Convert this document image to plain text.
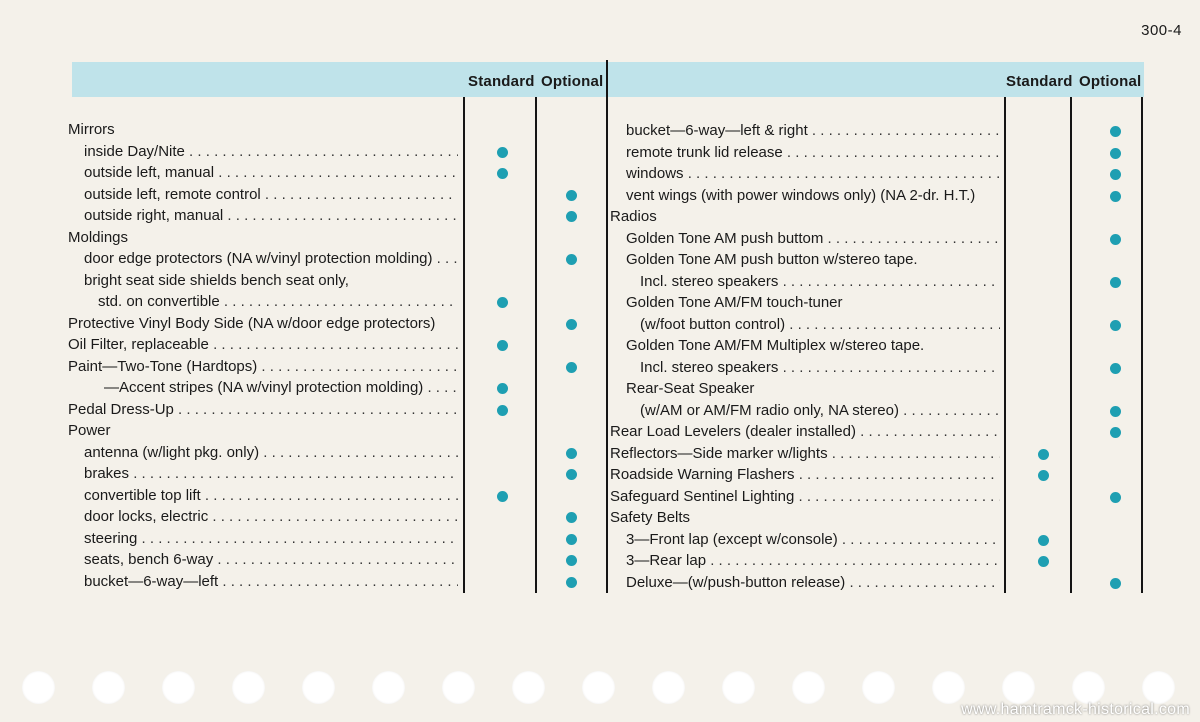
300-4
Standard Optional	Standard Optional
Mirrors
inside Day/Nite . . .
outside left, manual . . .
outside left, remote control . . .
outside right, manual . . .
Moldings
door edge protectors (NA w/vinyl protection molding) . . .
bright seat side shields bench seat only,
std. on convertible . . .
Protective Vinyl Body Side (NA w/door edge protectors)
Oil Filter, replaceable . . .
Paint—Two-Tone (Hardtops) . . .
—Accent stripes (NA w/vinyl protection molding) . . .
Pedal Dress-Up . . .
Power
antenna (w/light pkg. only) . . .
brakes . . .
convertible top lift . . .
door locks, electric . . .
steering . . .
seats, bench 6-way . . .
bucket—6-way—left . . .
bucket—6-way—left & right . . .
remote trunk lid release . . .
windows . . .
vent wings (with power windows only) (NA 2-dr. H.T.)
Radios
Golden Tone AM push buttom . . .
Golden Tone AM push button w/stereo tape.
Incl. stereo speakers . . .
Golden Tone AM/FM touch-tuner
(w/foot button control) . . .
Golden Tone AM/FM Multiplex w/stereo tape.
Incl. stereo speakers . . .
Rear-Seat Speaker
(w/AM or AM/FM radio only, NA stereo) . . .
Rear Load Levelers (dealer installed) . . .
Reflectors—Side marker w/lights . . .
Roadside Warning Flashers . . .
Safeguard Sentinel Lighting . . .
Safety Belts
3—Front lap (except w/console) . . .
3—Rear lap . . .
Deluxe—(w/push-button release) . . .
www.hamtramck-historical.com
